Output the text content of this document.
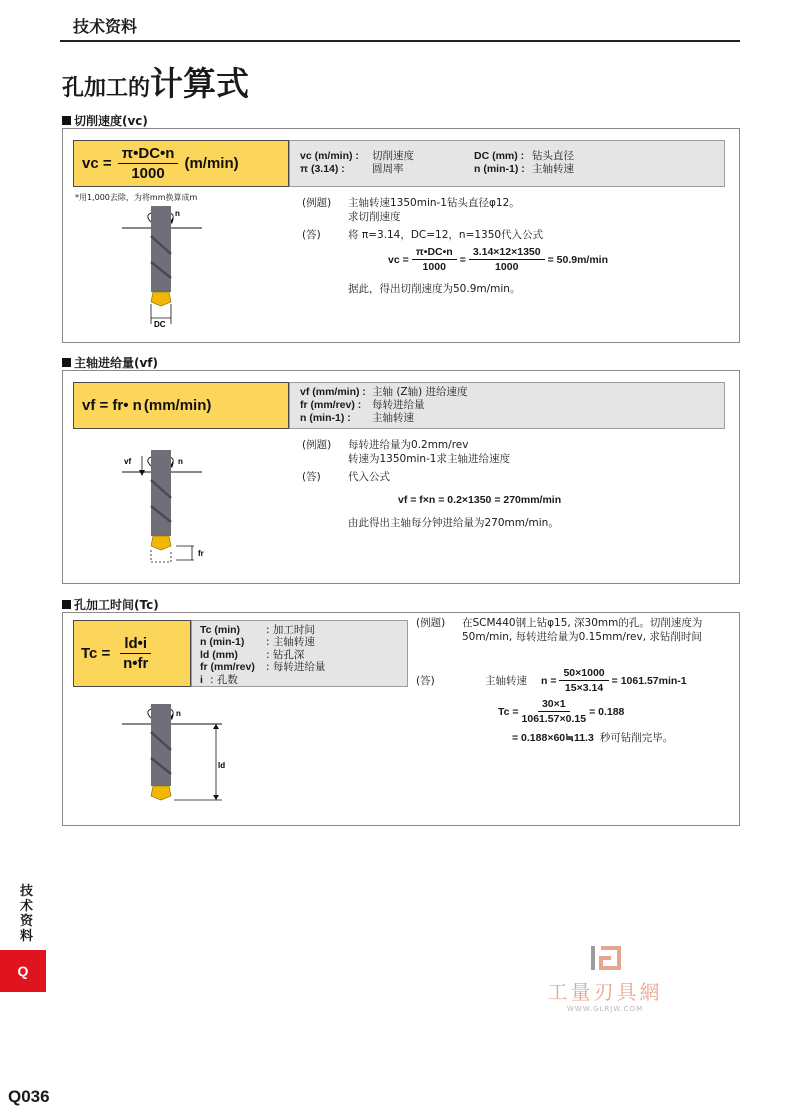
技术资料
孔加工的计算式
切削速度(vc)
vc = $\frac{\pi•DC•n}{1000} (m/\min)$	vc (m/min) :	切削速度	DC (mm) : 钻头直径
π (3.14) :	圆周率	n (min-1) : 主轴转速
*用1,000去除，为将mm换算成m
n
DC
(例题) 主轴转速1350min-1钻头直径φ12。
求切削速度
(答)	将 π=3.14，DC=12，n=1350代入公式
vc = $\frac{\pi•DC•n}{1000} = \frac{3.14\times 12\times 1350}{1000} = 50.9m/\min$
据此，得出切削速度为50.9m/min。
主轴进给量(vf)
vf = fr• n (mm/min)
vf (mm/min) : 主轴 (Z轴) 进给速度
fr (mm/rev) :	每转进给量
n (min-1) :	主轴转速
vf	n
fr
(例题) 每转进给量为0.2mm/rev
转速为1350min-1求主轴进给速度
(答)	代入公式
vf = f×n = 0.2×1350 = 270mm/min
由此得出主轴每分钟进给量为270mm/min。
孔加工时间(Tc)
$Tc = \frac{ld•i}{n•fr}$
Tc (min)	: 加工时间
n (min-1)	: 主轴转速
ld (mm)	: 钻孔深
fr (mm/rev)	: 每转进给量
i : 孔数
n
ld
(例题) 在SCM440钢上钻φ15, 深30mm的孔。切削速度为
50m/min, 每转进给量为0.15mm/rev, 求钻削时间
(答)	主轴转速 $n = \frac{50\times 1000}{15\times 3.14} = 1061.57\min-1$
$Tc = \frac{30\times 1}{1061.57\times 0.15} = 0.188$
= 0.188×60≒11.3 秒可钻削完毕。
技术资料
Q
工量刃具網
WWW.GLRJW.COM
Q036
